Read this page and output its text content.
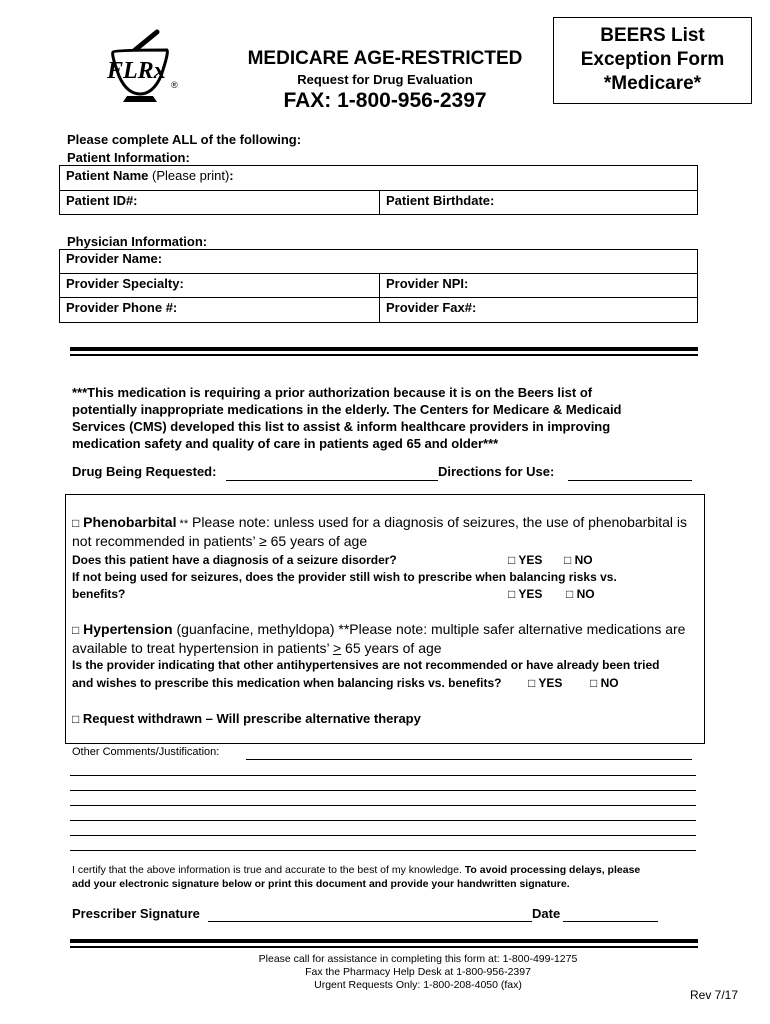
FLRx
®
MEDICARE AGE-RESTRICTED
Request for Drug Evaluation
FAX: 1-800-956-2397
BEERS List
Exception Form
*Medicare*
Please complete ALL of the following:
Patient Information:
Patient Name (Please print):
Patient ID#:	Patient Birthdate:
Physician Information:
Provider Name:
Provider Specialty:	Provider NPI:
Provider Phone #:	Provider Fax#:
***This medication is requiring a prior authorization because it is on the Beers list of
potentially inappropriate medications in the elderly. The Centers for Medicare & Medicaid
Services (CMS) developed this list to assist & inform healthcare providers in improving
medication safety and quality of care in patients aged 65 and older***
Drug Being Requested:	Directions for Use:
□ Phenobarbital ** Please note: unless used for a diagnosis of seizures, the use of phenobarbital is
not recommended in patients’ ≥ 65 years of age
Does this patient have a diagnosis of a seizure disorder?	□ YES □ NO
If not being used for seizures, does the provider still wish to prescribe when balancing risks vs.
benefits?	□ YES □ NO
□ Hypertension (guanfacine, methyldopa) **Please note: multiple safer alternative medications are
available to treat hypertension in patients’ > 65 years of age
Is the provider indicating that other antihypertensives are not recommended or have already been tried
and wishes to prescribe this medication when balancing risks vs. benefits? □ YES □ NO
□ Request withdrawn – Will prescribe alternative therapy
Other Comments/Justification:
I certify that the above information is true and accurate to the best of my knowledge. To avoid processing delays, please
add your electronic signature below or print this document and provide your handwritten signature.
Prescriber Signature	Date
Please call for assistance in completing this form at: 1-800-499-1275
Fax the Pharmacy Help Desk at 1-800-956-2397
Urgent Requests Only: 1-800-208-4050 (fax)
Rev 7/17
